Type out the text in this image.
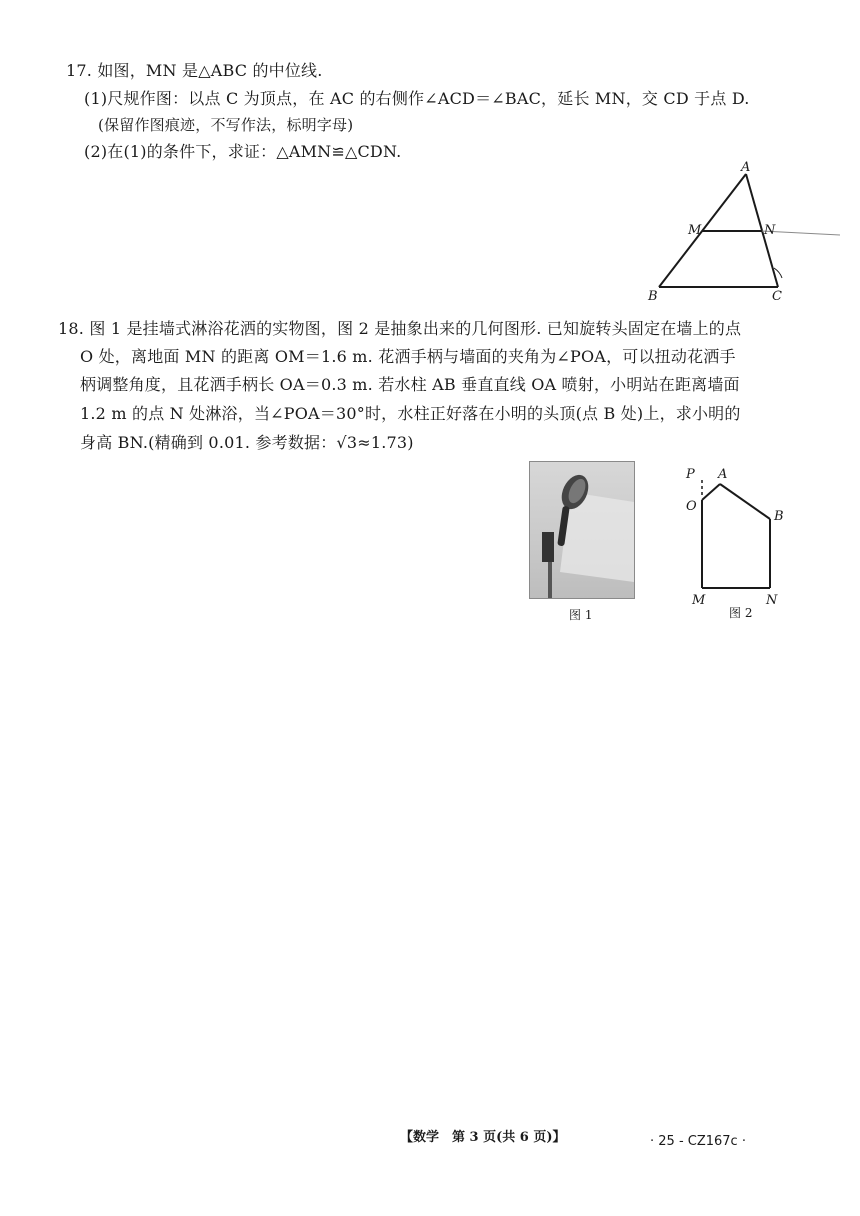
17. 如图，MN 是△ABC 的中位线.
(1)尺规作图：以点 C 为顶点，在 AC 的右侧作∠ACD＝∠BAC，延长 MN，交 CD 于点 D.
(保留作图痕迹，不写作法，标明字母)
(2)在(1)的条件下，求证：△AMN≌△CDN.
A
M	N
B	C
18. 图 1 是挂墙式淋浴花洒的实物图，图 2 是抽象出来的几何图形. 已知旋转头固定在墙上的点
O 处，离地面 MN 的距离 OM＝1.6 m. 花洒手柄与墙面的夹角为∠POA，可以扭动花洒手
柄调整角度，且花洒手柄长 OA＝0.3 m. 若水柱 AB 垂直直线 OA 喷射，小明站在距离墙面
1.2 m 的点 N 处淋浴，当∠POA＝30°时，水柱正好落在小明的头顶(点 B 处)上，求小明的
身高 BN.(精确到 0.01. 参考数据：√3≈1.73)
图 1
P A
O
B
M	N
图 2
【数学　第 3 页(共 6 页)】	· 25 - CZ167c ·
